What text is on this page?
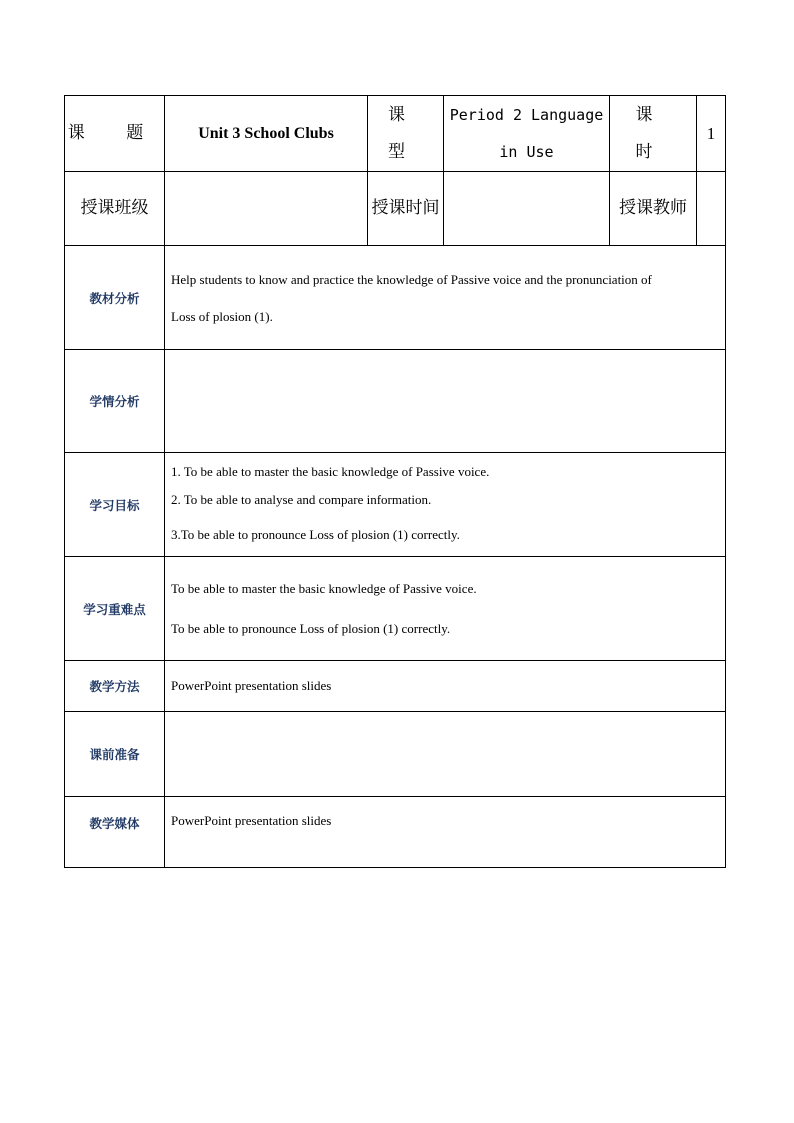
课 题	Unit 3 School Clubs	课 型	Period 2 Language in Use	课 时	1
授课班级		授课时间		授课教师	
教材分析	Help students to know and practice the knowledge of Passive voice and the pronunciation of

Loss of plosion (1).				

学情分析					
学习目标	1. To be able to master the basic knowledge of Passive voice.

2. To be able to analyse and compare information.

3.To be able to pronounce Loss of plosion (1) correctly.				

学习重难点	To be able to master the basic knowledge of Passive voice.

To be able to pronounce Loss of plosion (1) correctly.				

教学方法	PowerPoint presentation slides				
课前准备					
教学媒体	PowerPoint presentation slides				
